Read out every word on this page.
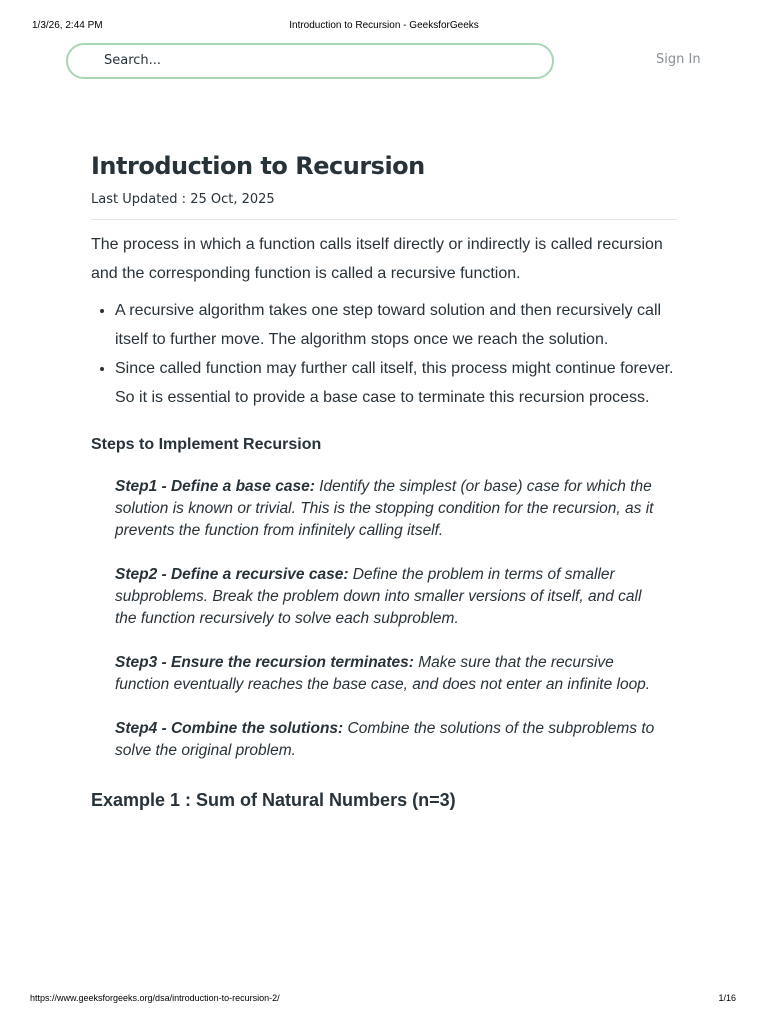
1/3/26, 2:44 PM	Introduction to Recursion - GeeksforGeeks
Search...	Sign In
Introduction to Recursion
Last Updated : 25 Oct, 2025

The process in which a function calls itself directly or indirectly is called recursion and the corresponding function is called a recursive function.

• A recursive algorithm takes one step toward solution and then recursively call itself to further move. The algorithm stops once we reach the solution.
• Since called function may further call itself, this process might continue forever. So it is essential to provide a base case to terminate this recursion process.
Steps to Implement Recursion

Step1 - Define a base case: Identify the simplest (or base) case for which the solution is known or trivial. This is the stopping condition for the recursion, as it prevents the function from infinitely calling itself.

Step2 - Define a recursive case: Define the problem in terms of smaller subproblems. Break the problem down into smaller versions of itself, and call the function recursively to solve each subproblem.

Step3 - Ensure the recursion terminates: Make sure that the recursive function eventually reaches the base case, and does not enter an infinite loop.

Step4 - Combine the solutions: Combine the solutions of the subproblems to solve the original problem.

Example 1 : Sum of Natural Numbers (n=3)
https://www.geeksforgeeks.org/dsa/introduction-to-recursion-2/	1/16
